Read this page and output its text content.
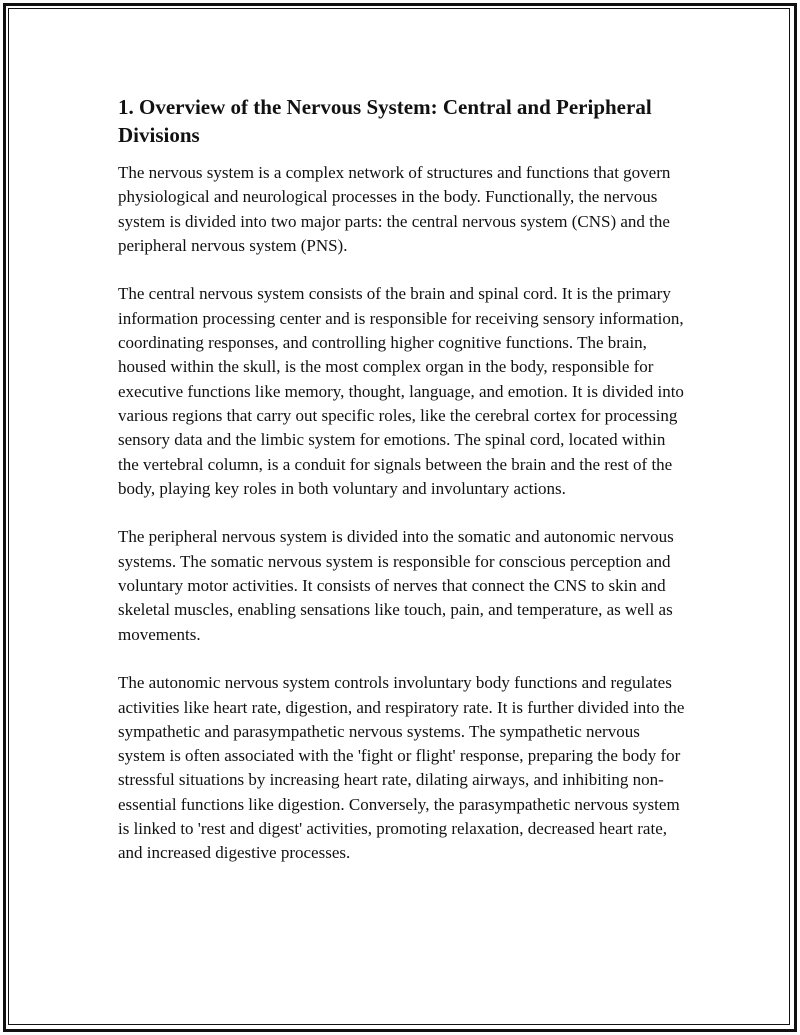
1. Overview of the Nervous System: Central and Peripheral Divisions

The nervous system is a complex network of structures and functions that govern physiological and neurological processes in the body. Functionally, the nervous system is divided into two major parts: the central nervous system (CNS) and the peripheral nervous system (PNS).

The central nervous system consists of the brain and spinal cord. It is the primary information processing center and is responsible for receiving sensory information, coordinating responses, and controlling higher cognitive functions. The brain, housed within the skull, is the most complex organ in the body, responsible for executive functions like memory, thought, language, and emotion. It is divided into various regions that carry out specific roles, like the cerebral cortex for processing sensory data and the limbic system for emotions. The spinal cord, located within the vertebral column, is a conduit for signals between the brain and the rest of the body, playing key roles in both voluntary and involuntary actions.

The peripheral nervous system is divided into the somatic and autonomic nervous systems. The somatic nervous system is responsible for conscious perception and voluntary motor activities. It consists of nerves that connect the CNS to skin and skeletal muscles, enabling sensations like touch, pain, and temperature, as well as movements.

The autonomic nervous system controls involuntary body functions and regulates activities like heart rate, digestion, and respiratory rate. It is further divided into the sympathetic and parasympathetic nervous systems. The sympathetic nervous system is often associated with the 'fight or flight' response, preparing the body for stressful situations by increasing heart rate, dilating airways, and inhibiting non-essential functions like digestion. Conversely, the parasympathetic nervous system is linked to 'rest and digest' activities, promoting relaxation, decreased heart rate, and increased digestive processes.
